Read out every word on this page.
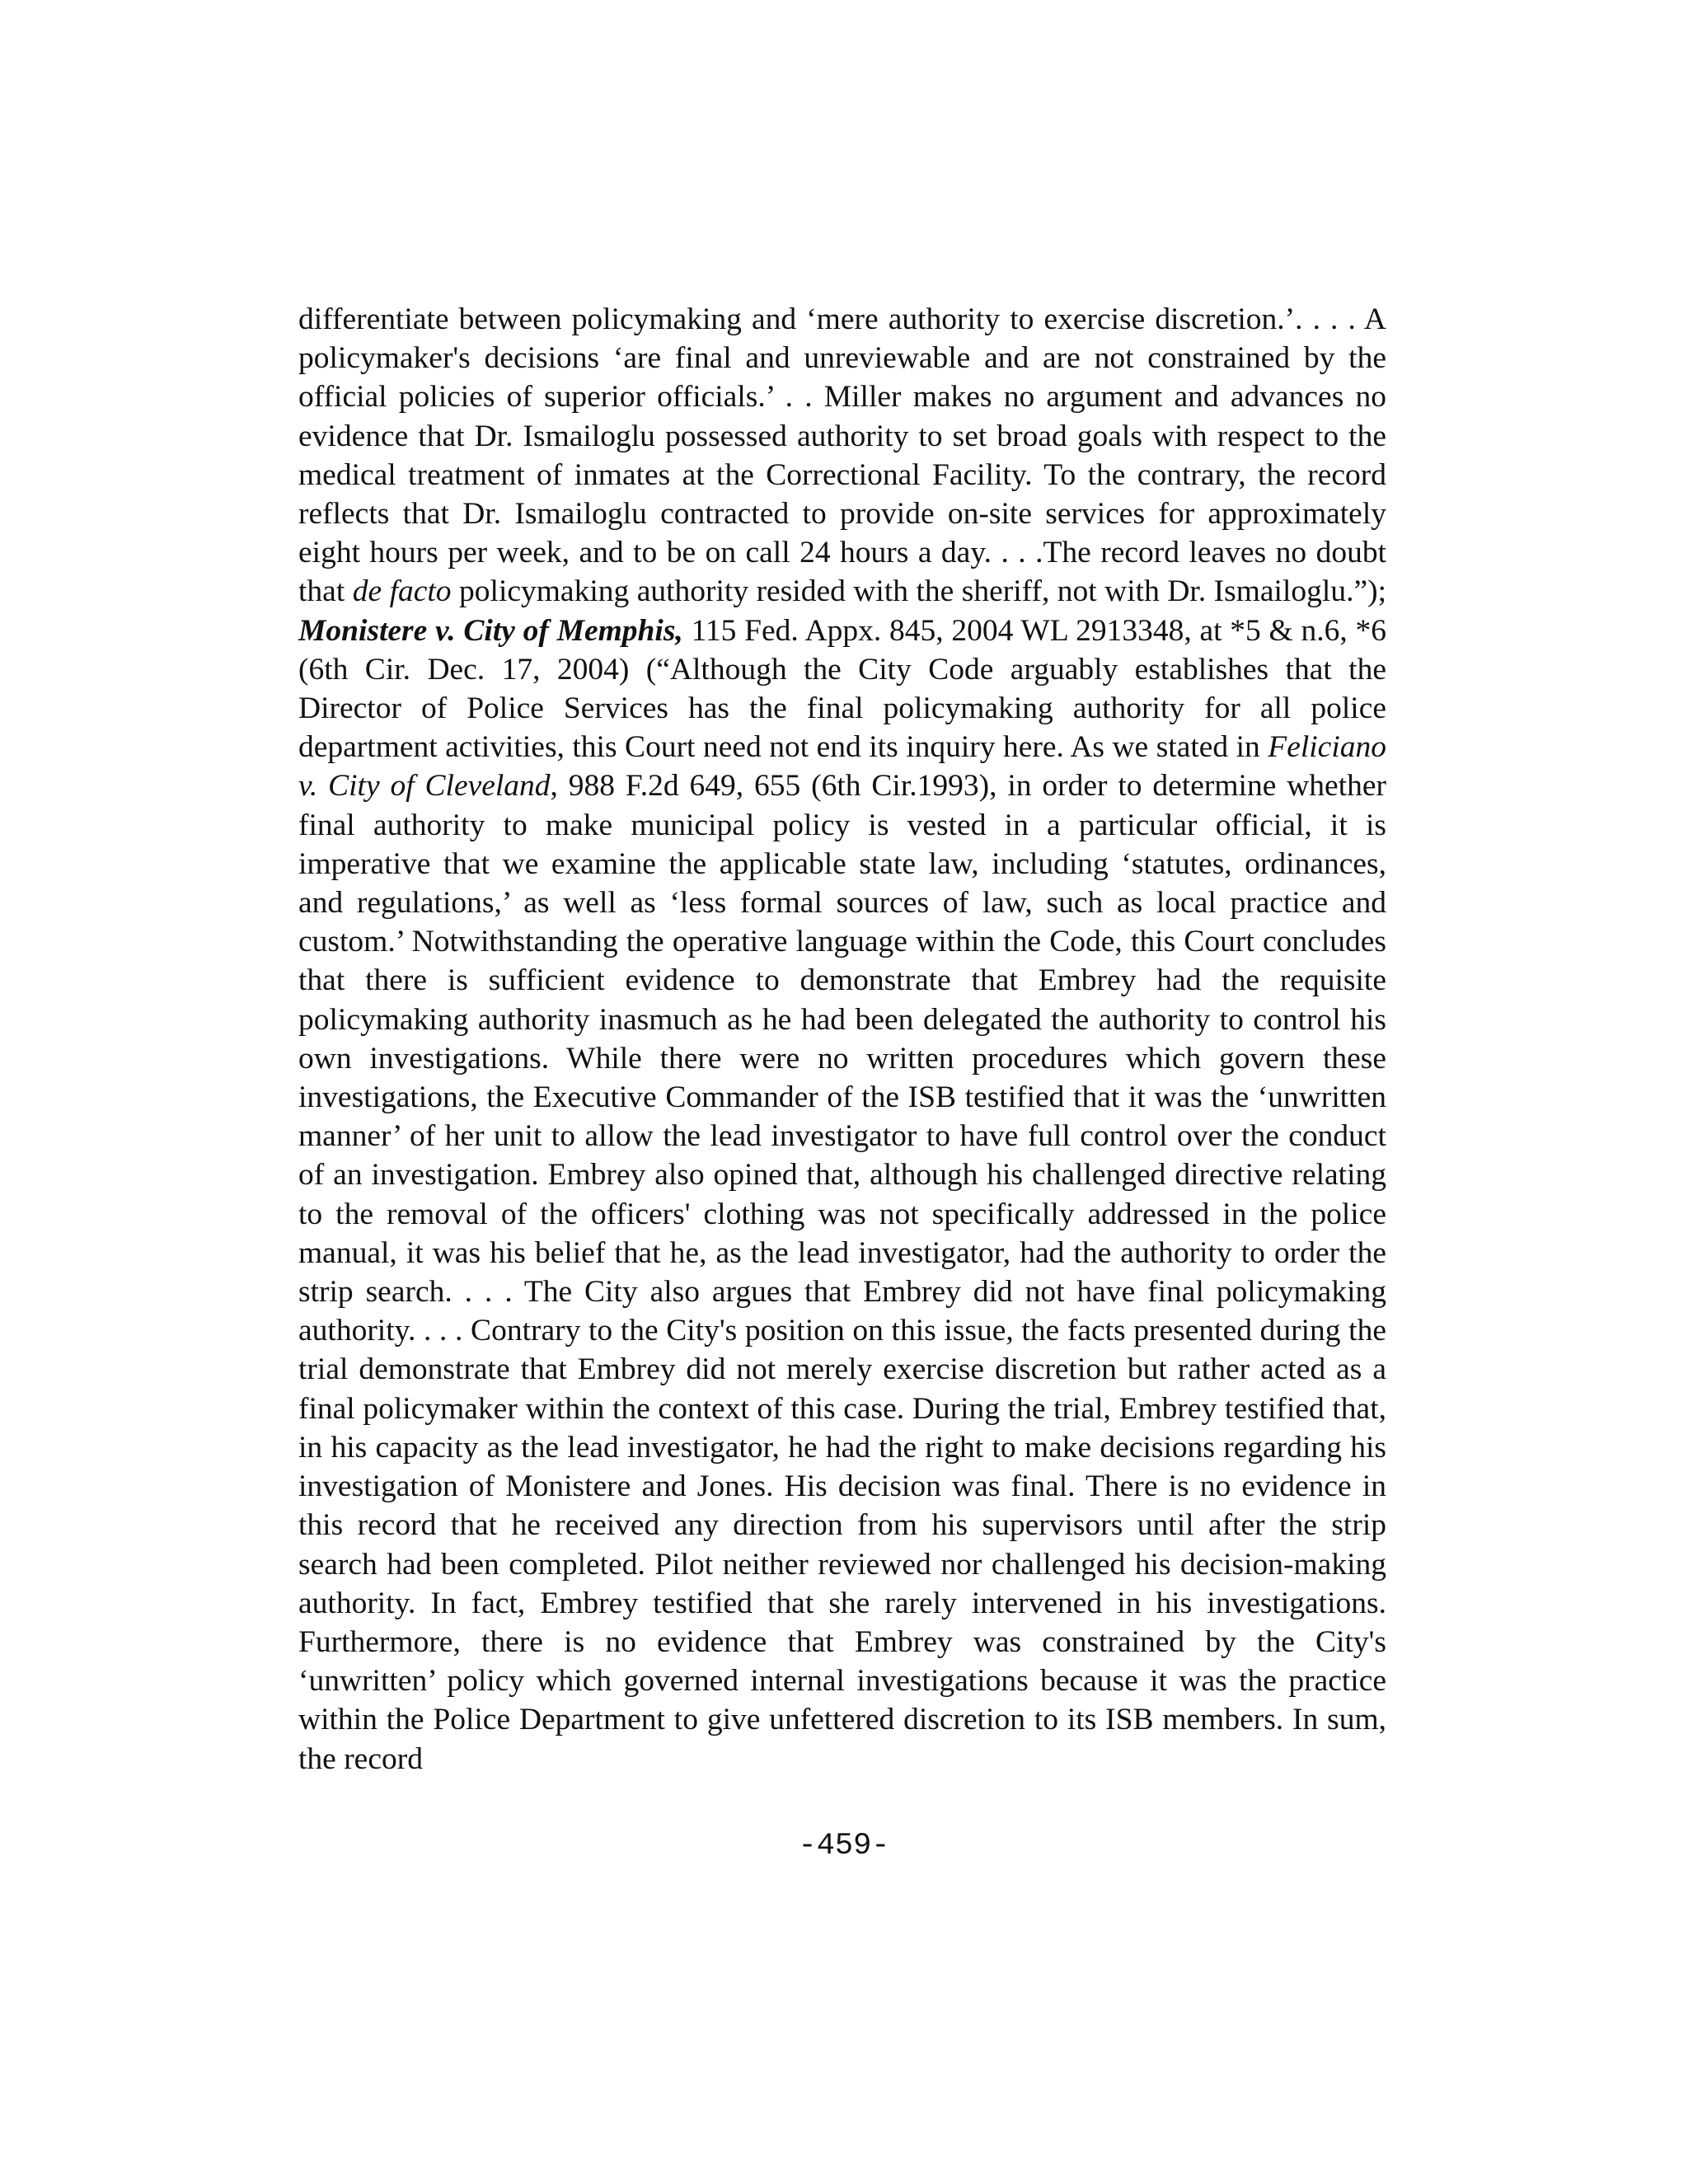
differentiate between policymaking and ‘mere authority to exercise discretion.’. . . . A policymaker's decisions ‘are final and unreviewable and are not constrained by the official policies of superior officials.’ . . Miller makes no argument and advances no evidence that Dr. Ismailoglu possessed authority to set broad goals with respect to the medical treatment of inmates at the Correctional Facility. To the contrary, the record reflects that Dr. Ismailoglu contracted to provide on-site services for approximately eight hours per week, and to be on call 24 hours a day. . . .The record leaves no doubt that de facto policymaking authority resided with the sheriff, not with Dr. Ismailoglu.”); Monistere v. City of Memphis, 115 Fed. Appx. 845, 2004 WL 2913348, at *5 & n.6, *6 (6th Cir. Dec. 17, 2004) (“Although the City Code arguably establishes that the Director of Police Services has the final policymaking authority for all police department activities, this Court need not end its inquiry here. As we stated in Feliciano v. City of Cleveland, 988 F.2d 649, 655 (6th Cir.1993), in order to determine whether final authority to make municipal policy is vested in a particular official, it is imperative that we examine the applicable state law, including ‘statutes, ordinances, and regulations,’ as well as ‘less formal sources of law, such as local practice and custom.’ Notwithstanding the operative language within the Code, this Court concludes that there is sufficient evidence to demonstrate that Embrey had the requisite policymaking authority inasmuch as he had been delegated the authority to control his own investigations. While there were no written procedures which govern these investigations, the Executive Commander of the ISB testified that it was the ‘unwritten manner’ of her unit to allow the lead investigator to have full control over the conduct of an investigation. Embrey also opined that, although his challenged directive relating to the removal of the officers' clothing was not specifically addressed in the police manual, it was his belief that he, as the lead investigator, had the authority to order the strip search. . . . The City also argues that Embrey did not have final policymaking authority. . . . Contrary to the City's position on this issue, the facts presented during the trial demonstrate that Embrey did not merely exercise discretion but rather acted as a final policymaker within the context of this case. During the trial, Embrey testified that, in his capacity as the lead investigator, he had the right to make decisions regarding his investigation of Monistere and Jones. His decision was final. There is no evidence in this record that he received any direction from his supervisors until after the strip search had been completed. Pilot neither reviewed nor challenged his decision-making authority. In fact, Embrey testified that she rarely intervened in his investigations. Furthermore, there is no evidence that Embrey was constrained by the City's ‘unwritten’ policy which governed internal investigations because it was the practice within the Police Department to give unfettered discretion to its ISB members. In sum, the record

-459-
